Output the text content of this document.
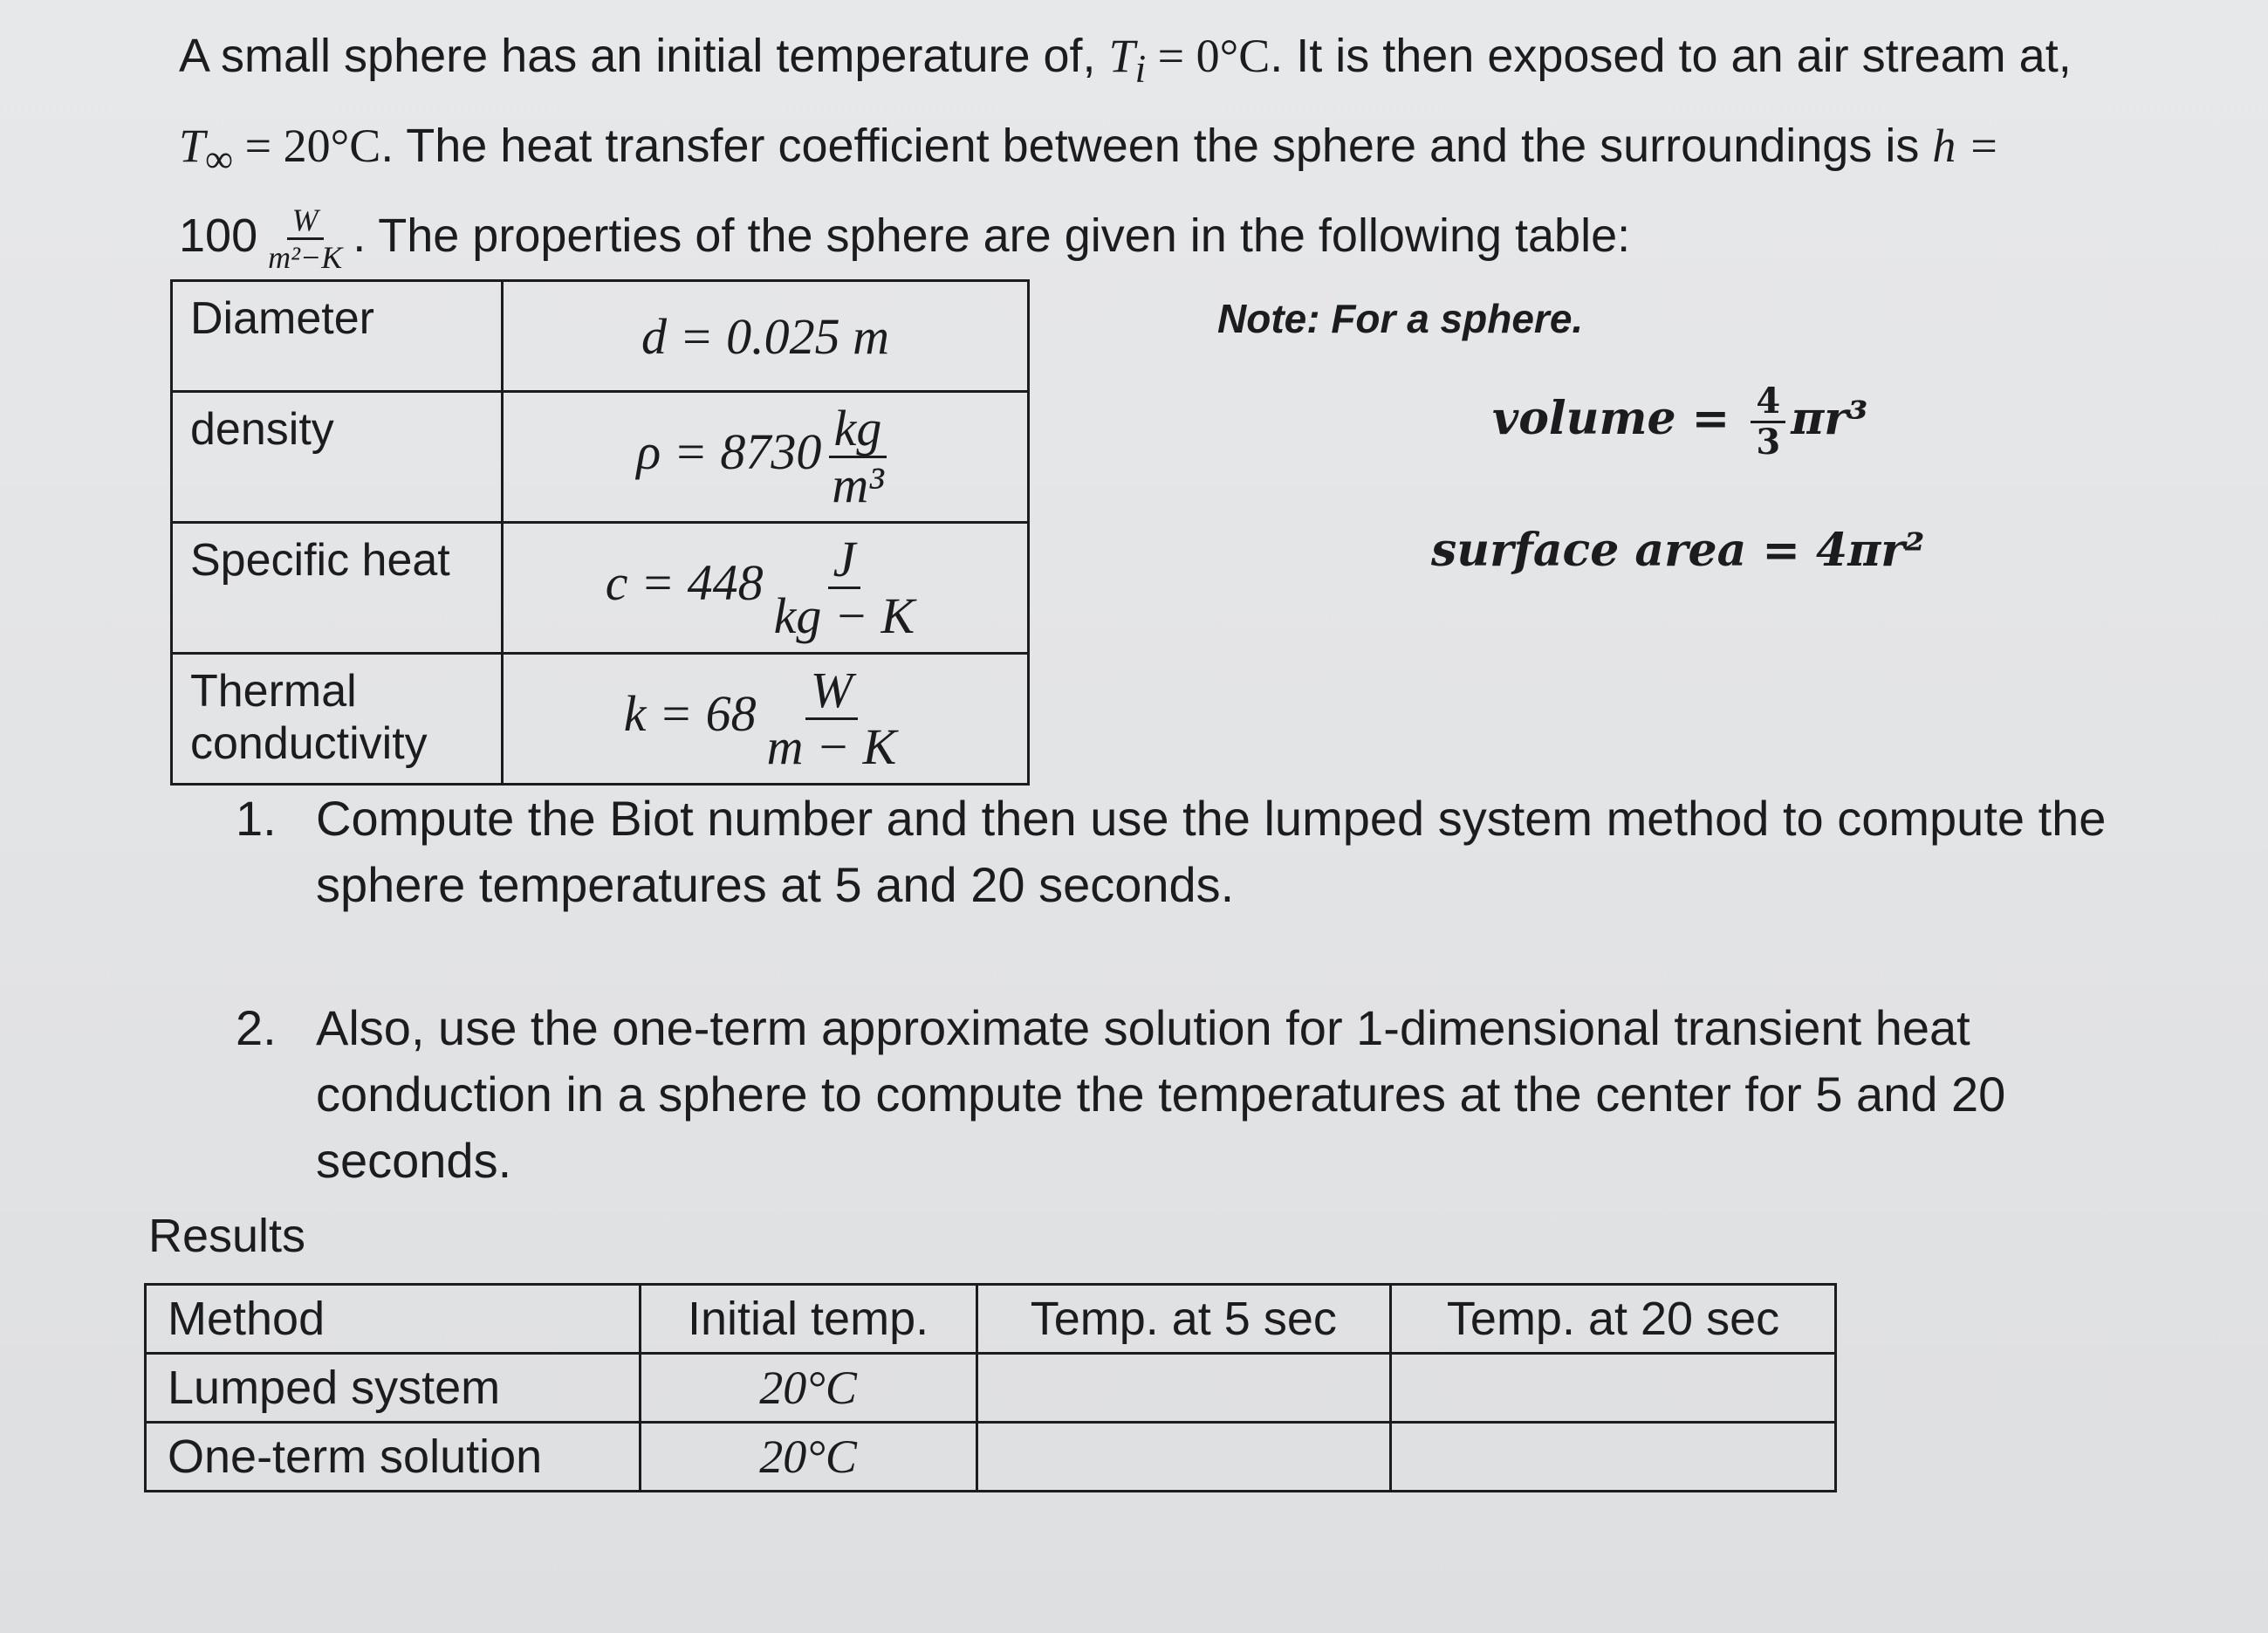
A small sphere has an initial temperature of, $T_i = 0^\circ C$. It is then exposed to an air stream at,

$T_\infty = 20^\circ C$. The heat transfer coefficient between the sphere and the surroundings is h =

$100 \frac{W}{\text{m²−K}}$ . The properties of the sphere are given in the following table:

Diameter	d = 0.025 m
density	$\rho = 8730 \frac{kg}{\text{m³}}$

Specific heat	$c = 448 \frac{J}{kg - K}$

Thermal conductivity	$k = 68 \frac{W}{m - K}$
Note: For a sphere.
volume = $\frac{4}{3} \pi r^3$
surface area = 4πr²
1. Compute the Biot number and then use the lumped system method to compute the sphere temperatures at 5 and 20 seconds.
2. Also, use the one-term approximate solution for 1-dimensional transient heat conduction in a sphere to compute the temperatures at the center for 5 and 20 seconds.
Results
Method	Initial temp.	Temp. at 5 sec	Temp. at 20 sec
Lumped system	20°C		
One-term solution	20°C		
